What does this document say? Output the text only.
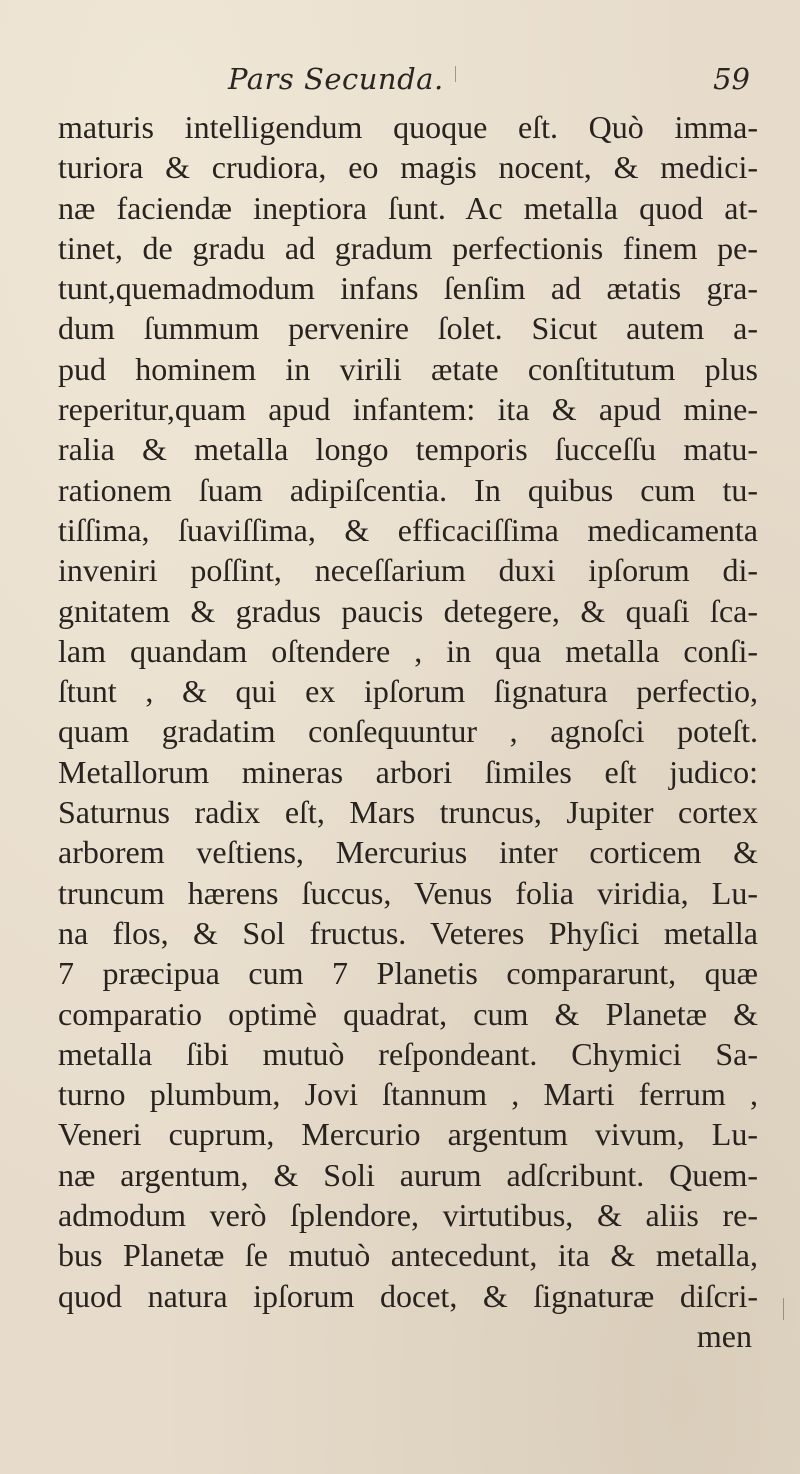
Pars Secunda.	59
maturis intelligendum quoque eſt. Quò imma-
turiora & crudiora, eo magis nocent, & medici-
næ faciendæ ineptiora ſunt. Ac metalla quod at-
tinet, de gradu ad gradum perfectionis finem pe-
tunt,quemadmodum infans ſenſim ad ætatis gra-
dum ſummum pervenire ſolet. Sicut autem a-
pud hominem in virili ætate conſtitutum plus
reperitur,quam apud infantem: ita & apud mine-
ralia & metalla longo temporis ſucceſſu matu-
rationem ſuam adipiſcentia. In quibus cum tu-
tiſſima, ſuaviſſima, & efficaciſſima medicamenta
inveniri poſſint, neceſſarium duxi ipſorum di-
gnitatem & gradus paucis detegere, & quaſi ſca-
lam quandam oſtendere , in qua metalla conſi-
ſtunt , & qui ex ipſorum ſignatura perfectio,
quam gradatim conſequuntur , agnoſci poteſt.
Metallorum mineras arbori ſimiles eſt judico:
Saturnus radix eſt, Mars truncus, Jupiter cortex
arborem veſtiens, Mercurius inter corticem &
truncum hærens ſuccus, Venus folia viridia, Lu-
na flos, & Sol fructus. Veteres Phyſici metalla
7 præcipua cum 7 Planetis compararunt, quæ
comparatio optimè quadrat, cum & Planetæ &
metalla ſibi mutuò reſpondeant. Chymici Sa-
turno plumbum, Jovi ſtannum , Marti ferrum ,
Veneri cuprum, Mercurio argentum vivum, Lu-
næ argentum, & Soli aurum adſcribunt. Quem-
admodum verò ſplendore, virtutibus, & aliis re-
bus Planetæ ſe mutuò antecedunt, ita & metalla,
quod natura ipſorum docet, & ſignaturæ diſcri-
men
